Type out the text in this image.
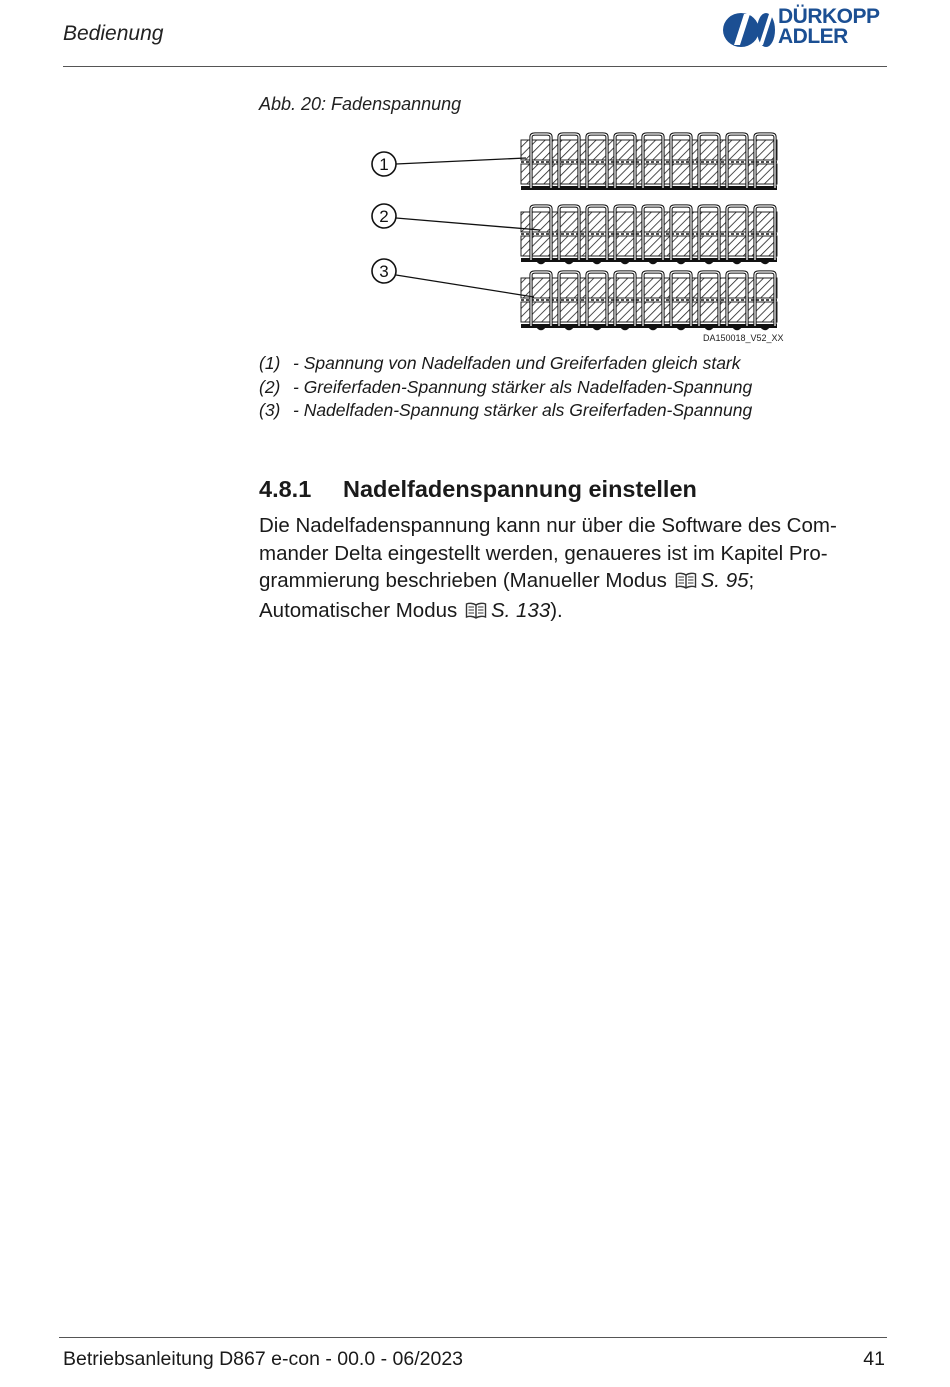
Bedienung
DÜRKOPP
ADLER
Abb. 20: Fadenspannung
1
2
3
DA150018_V52_XX
(1) - Spannung von Nadelfaden und Greiferfaden gleich stark
(2) - Greiferfaden-Spannung stärker als Nadelfaden-Spannung
(3) - Nadelfaden-Spannung stärker als Greiferfaden-Spannung
4.8.1 Nadelfadenspannung einstellen
Die Nadelfadenspannung kann nur über die Software des Com-
mander Delta eingestellt werden, genaueres ist im Kapitel Pro-
grammierung beschrieben (Manueller Modus S. 95;
Automatischer Modus S. 133).
Betriebsanleitung D867 e-con - 00.0 - 06/2023	41
